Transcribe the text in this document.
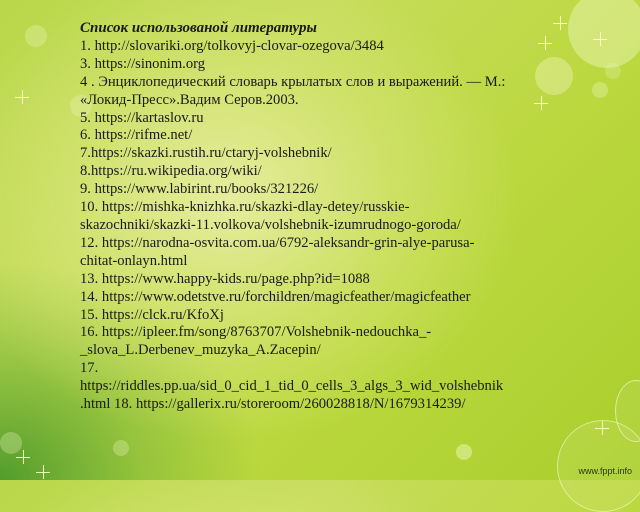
Список использованой литературы
1. http://slovariki.org/tolkovyj-clovar-ozegova/3484
3. https://sinonim.org
4 . Энциклопедический словарь крылатых слов и выражений. — М.:
«Локид-Пресс».Вадим Серов.2003.
5. https://kartaslov.ru
6. https://rifme.net/
7.https://skazki.rustih.ru/ctaryj-volshebnik/
8.https://ru.wikipedia.org/wiki/
9. https://www.labirint.ru/books/321226/
10. https://mishka-knizhka.ru/skazki-dlay-detey/russkie-
skazochniki/skazki-11.volkova/volshebnik-izumrudnogo-goroda/
12. https://narodna-osvita.com.ua/6792-aleksandr-grin-alye-parusa-
chitat-onlayn.html
13. https://www.happy-kids.ru/page.php?id=1088
14. https://www.odetstve.ru/forchildren/magicfeather/magicfeather
15. https://clck.ru/KfoXj
16. https://ipleer.fm/song/8763707/Volshebnik-nedouchka_-
_slova_L.Derbenev_muzyka_A.Zacepin/
17.
https://riddles.pp.ua/sid_0_cid_1_tid_0_cells_3_algs_3_wid_volshebnik
.html 18. https://gallerix.ru/storeroom/260028818/N/1679314239/
www.fppt.info
